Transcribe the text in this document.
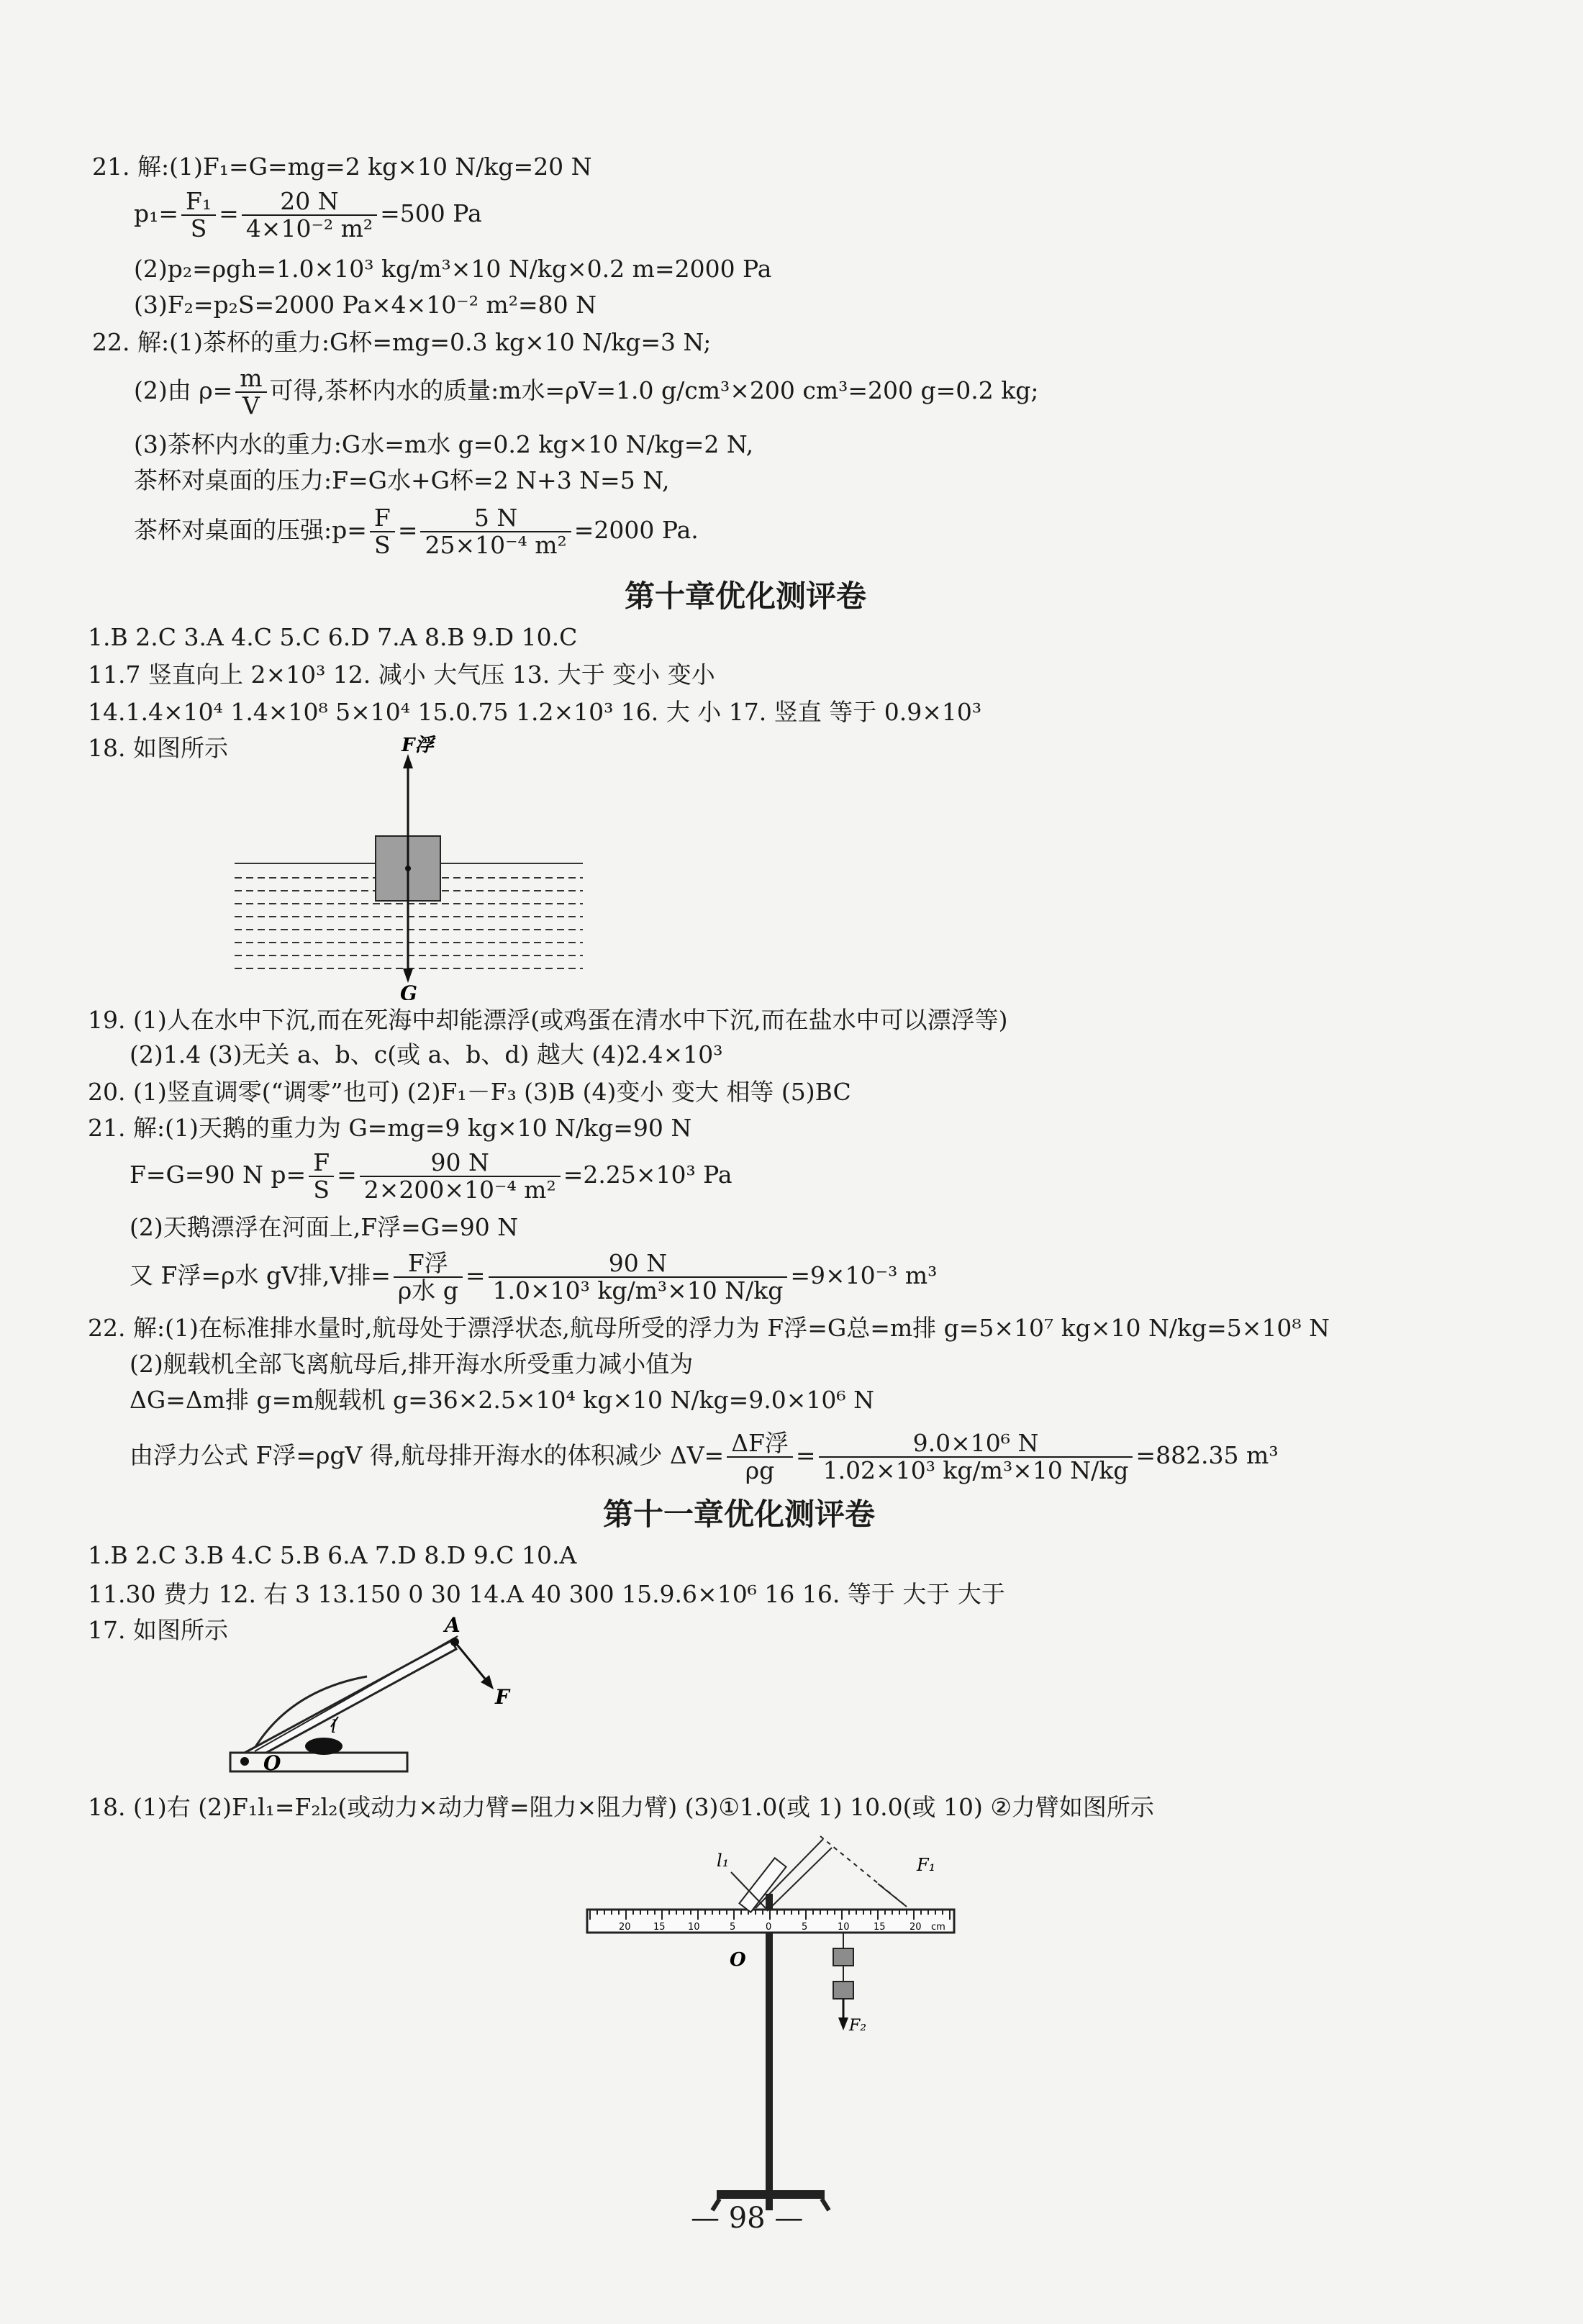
21. 解:(1)F₁=G=mg=2 kg×10 N/kg=20 N
$p_1= \frac{\text{F₁}}{S} = \frac{20 N}{\text{4×10⁻² m²}} =500$ Pa
(2)p₂=ρgh=1.0×10³ kg/m³×10 N/kg×0.2 m=2000 Pa
(3)F₂=p₂S=2000 Pa×4×10⁻² m²=80 N
22. 解:(1)茶杯的重力:G杯=mg=0.3 kg×10 N/kg=3 N;
(2)由 $\rho= \frac{m}{V}$ 可得,茶杯内水的质量:m水=ρV=1.0 g/cm³×200 cm³=200 g=0.2 kg;
(3)茶杯内水的重力:G水=m水 g=0.2 kg×10 N/kg=2 N,
茶杯对桌面的压力:F=G水+G杯=2 N+3 N=5 N,
茶杯对桌面的压强:p= $\frac{F}{S} = \frac{5 N}{\text{25×10⁻⁴ m²}} =2000$ Pa.
第十章优化测评卷
1.B 2.C 3.A 4.C 5.C 6.D 7.A 8.B 9.D 10.C
11.7 竖直向上 2×10³ 12. 减小 大气压 13. 大于 变小 变小
14.1.4×10⁴ 1.4×10⁸ 5×10⁴ 15.0.75 1.2×10³ 16. 大 小 17. 竖直 等于 0.9×10³
18. 如图所示	F浮
G
19. (1)人在水中下沉,而在死海中却能漂浮(或鸡蛋在清水中下沉,而在盐水中可以漂浮等)
(2)1.4 (3)无关 a、b、c(或 a、b、d) 越大 (4)2.4×10³
20. (1)竖直调零(“调零”也可) (2)F₁－F₃ (3)B (4)变小 变大 相等 (5)BC
21. 解:(1)天鹅的重力为 G=mg=9 kg×10 N/kg=90 N
F=G=90 N $p= \frac{F}{S} = \frac{90 N}{\text{2×200×10⁻⁴ m²}} =2.25\times 10^3$ Pa
(2)天鹅漂浮在河面上,F浮=G=90 N
又 F浮=ρ水 gV排,V排= $\frac{\text{F浮}}{\text{ρ水 g}} = \frac{90 N}{\text{1.0×10³ kg/m³×10 N/kg}} =9\times 10^{-3}$ m³
22. 解:(1)在标准排水量时,航母处于漂浮状态,航母所受的浮力为 F浮=G总=m排 g=5×10⁷ kg×10 N/kg=5×10⁸ N
(2)舰载机全部飞离航母后,排开海水所受重力减小值为
ΔG=Δm排 g=m舰载机 g=36×2.5×10⁴ kg×10 N/kg=9.0×10⁶ N
由浮力公式 F浮=ρgV 得,航母排开海水的体积减少 $\Delta V= \frac{\text{ΔF浮}}{\rho g} = \frac{\text{9.0×10⁶ N}}{\text{1.02×10³ kg/m³×10 N/kg}} =882.35$ m³
第十一章优化测评卷
1.B 2.C 3.B 4.C 5.B 6.A 7.D 8.D 9.C 10.A
11.30 费力 12. 右 3 13.150 0 30 14.A 40 300 15.9.6×10⁶ 16 16. 等于 大于 大于
17. 如图所示
l
A
F
O
18. (1)右 (2)F₁l₁=F₂l₂(或动力×动力臂=阻力×阻力臂) (3)①1.0(或 1) 10.0(或 10) ②力臂如图所示
20 15 10	5	0	5	10	15	20 cm
l₁	F₁
O
F₂
— 98 —
